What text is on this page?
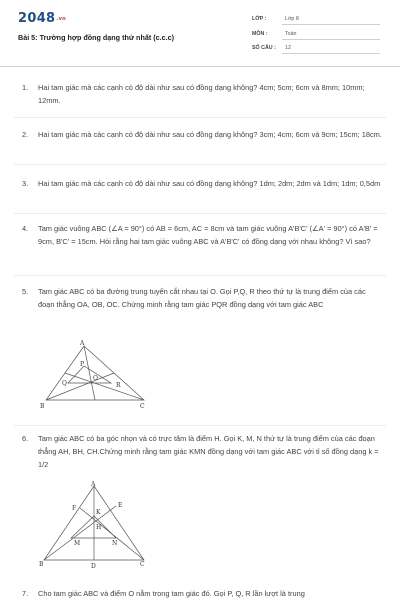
2048.vn
Bài 5: Trường hợp đồng dạng thứ nhất (c.c.c)
LỚP :	Lớp 8
MÔN :	Toán
SỐ CÂU : 12
1. Hai tam giác mà các cạnh có độ dài như sau có đồng dạng không? 4cm; 5cm; 6cm và 8mm; 10mm; 12mm.
2. Hai tam giác mà các cạnh có độ dài như sau có đồng dạng không? 3cm; 4cm; 6cm và 9cm; 15cm; 18cm.
3. Hai tam giác mà các cạnh có độ dài như sau có đồng dạng không? 1dm; 2dm; 2dm và 1dm; 1dm; 0,5dm
4. Tam giác vuông ABC (∠A = 90°) có AB = 6cm, AC = 8cm và tam giác vuông A'B'C' (∠A' = 90°) có A'B' = 9cm, B'C' = 15cm. Hỏi rằng hai tam giác vuông ABC và A'B'C' có đồng dạng với nhau không? Vì sao?
5. Tam giác ABC có ba đường trung tuyến cắt nhau tại O. Gọi P,Q, R theo thứ tự là trung điểm của các đoạn thẳng OA, OB, OC. Chứng minh rằng tam giác PQR đồng dạng với tam giác ABC
A
B	C
P
Q	R
O
6. Tam giác ABC có ba góc nhọn và có trực tâm là điểm H. Gọi K, M, N thứ tự là trung điểm của các đoạn thẳng AH, BH, CH.Chứng minh rằng tam giác KMN đồng dạng với tam giác ABC với tỉ số đồng dạng k = 1/2
A
B	C
D
E
F
H
K
M	N
7. Cho tam giác ABC và điểm O nằm trong tam giác đó. Gọi P, Q, R lần lượt là trung
